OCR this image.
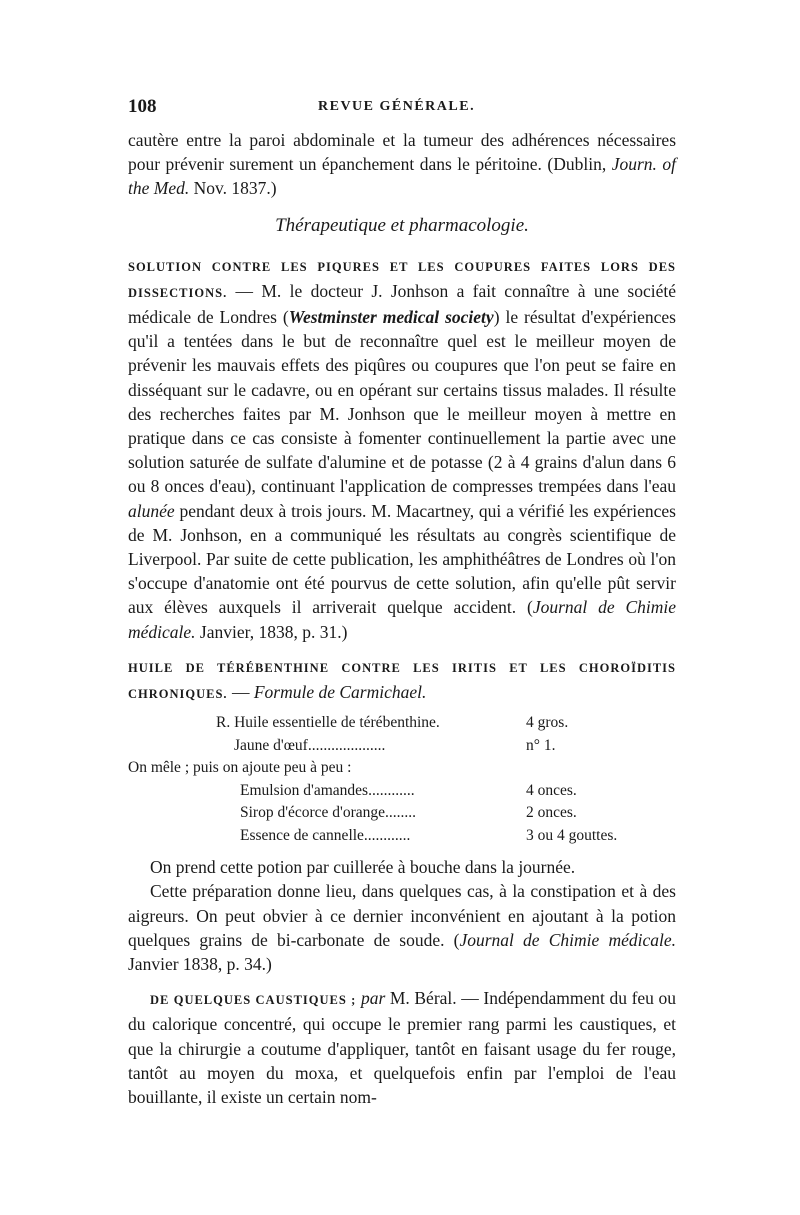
108	REVUE GÉNÉRALE.

cautère entre la paroi abdominale et la tumeur des adhérences nécessaires pour prévenir surement un épanchement dans le péritoine. (Dublin, Journ. of the Med. Nov. 1837.)

Thérapeutique et pharmacologie.

SOLUTION CONTRE LES PIQURES ET LES COUPURES FAITES LORS DES DISSECTIONS. — M. le docteur J. Jonhson a fait connaître à une société médicale de Londres (Westminster medical society) le résultat d'expériences qu'il a tentées dans le but de reconnaître quel est le meilleur moyen de prévenir les mauvais effets des piqûres ou coupures que l'on peut se faire en disséquant sur le cadavre, ou en opérant sur certains tissus malades. Il résulte des recherches faites par M. Jonhson que le meilleur moyen à mettre en pratique dans ce cas consiste à fomenter continuellement la partie avec une solution saturée de sulfate d'alumine et de potasse (2 à 4 grains d'alun dans 6 ou 8 onces d'eau), continuant l'application de compresses trempées dans l'eau alunée pendant deux à trois jours. M. Macartney, qui a vérifié les expériences de M. Jonhson, en a communiqué les résultats au congrès scientifique de Liverpool. Par suite de cette publication, les amphithéâtres de Londres où l'on s'occupe d'anatomie ont été pourvus de cette solution, afin qu'elle pût servir aux élèves auxquels il arriverait quelque accident. (Journal de Chimie médicale. Janvier, 1838, p. 31.)

HUILE DE TÉRÉBENTHINE CONTRE LES IRITIS ET LES CHOROÏDITIS CHRONIQUES. — Formule de Carmichael.

R. Huile essentielle de térébenthine.	4 gros.
Jaune d'œuf....................	n° 1.
On mêle ; puis on ajoute peu à peu :
Emulsion d'amandes............	4 onces.
Sirop d'écorce d'orange........	2 onces.
Essence de cannelle............	3 ou 4 gouttes.

On prend cette potion par cuillerée à bouche dans la journée.

Cette préparation donne lieu, dans quelques cas, à la constipation et à des aigreurs. On peut obvier à ce dernier inconvénient en ajoutant à la potion quelques grains de bi-carbonate de soude. (Journal de Chimie médicale. Janvier 1838, p. 34.)

DE QUELQUES CAUSTIQUES ; par M. Béral. — Indépendamment du feu ou du calorique concentré, qui occupe le premier rang parmi les caustiques, et que la chirurgie a coutume d'appliquer, tantôt en faisant usage du fer rouge, tantôt au moyen du moxa, et quelquefois enfin par l'emploi de l'eau bouillante, il existe un certain nom-
